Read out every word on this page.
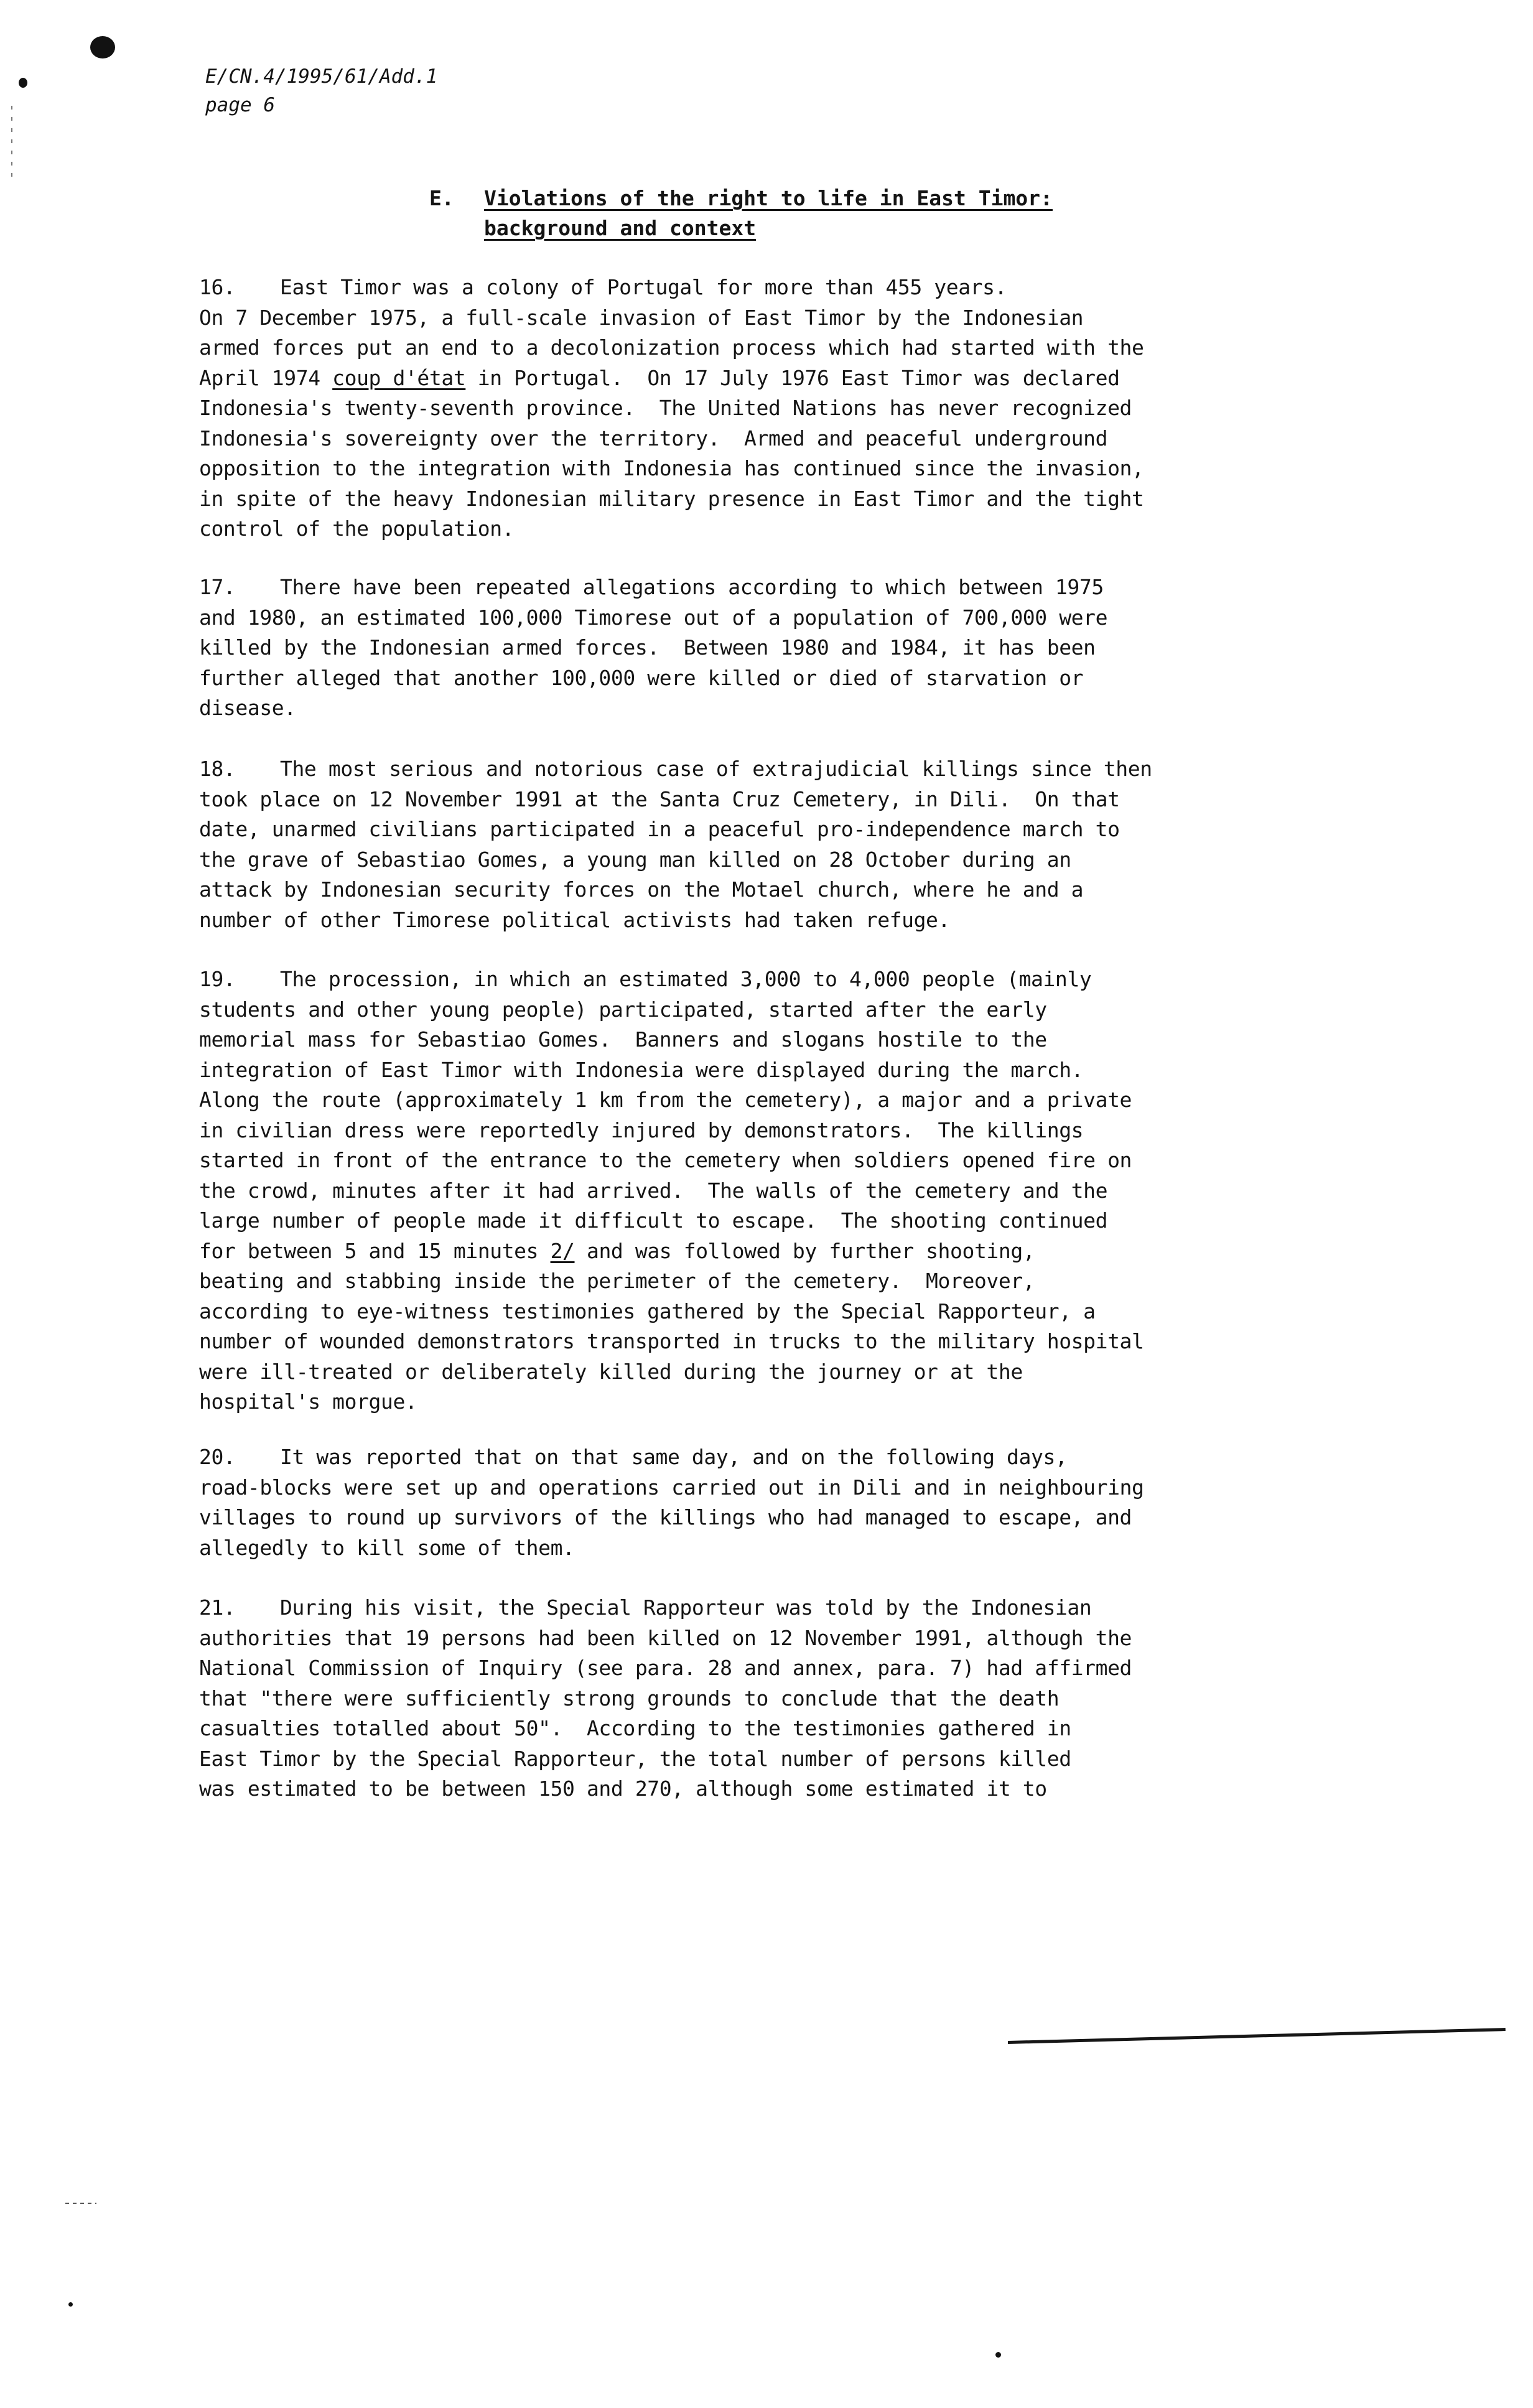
E/CN.4/1995/61/Add.1
page 6
E. Violations of the right to life in East Timor:
background and context
16. East Timor was a colony of Portugal for more than 455 years.
On 7 December 1975, a full-scale invasion of East Timor by the Indonesian
armed forces put an end to a decolonization process which had started with the
April 1974 coup d'état in Portugal.  On 17 July 1976 East Timor was declared
Indonesia's twenty-seventh province.  The United Nations has never recognized
Indonesia's sovereignty over the territory.  Armed and peaceful underground
opposition to the integration with Indonesia has continued since the invasion,
in spite of the heavy Indonesian military presence in East Timor and the tight
control of the population.
17. There have been repeated allegations according to which between 1975
and 1980, an estimated 100,000 Timorese out of a population of 700,000 were
killed by the Indonesian armed forces.  Between 1980 and 1984, it has been
further alleged that another 100,000 were killed or died of starvation or
disease.
18. The most serious and notorious case of extrajudicial killings since then
took place on 12 November 1991 at the Santa Cruz Cemetery, in Dili.  On that
date, unarmed civilians participated in a peaceful pro-independence march to
the grave of Sebastiao Gomes, a young man killed on 28 October during an
attack by Indonesian security forces on the Motael church, where he and a
number of other Timorese political activists had taken refuge.
19. The procession, in which an estimated 3,000 to 4,000 people (mainly
students and other young people) participated, started after the early
memorial mass for Sebastiao Gomes.  Banners and slogans hostile to the
integration of East Timor with Indonesia were displayed during the march.
Along the route (approximately 1 km from the cemetery), a major and a private
in civilian dress were reportedly injured by demonstrators.  The killings
started in front of the entrance to the cemetery when soldiers opened fire on
the crowd, minutes after it had arrived.  The walls of the cemetery and the
large number of people made it difficult to escape.  The shooting continued
for between 5 and 15 minutes 2/ and was followed by further shooting,
beating and stabbing inside the perimeter of the cemetery.  Moreover,
according to eye-witness testimonies gathered by the Special Rapporteur, a
number of wounded demonstrators transported in trucks to the military hospital
were ill-treated or deliberately killed during the journey or at the
hospital's morgue.
20. It was reported that on that same day, and on the following days,
road-blocks were set up and operations carried out in Dili and in neighbouring
villages to round up survivors of the killings who had managed to escape, and
allegedly to kill some of them.
21. During his visit, the Special Rapporteur was told by the Indonesian
authorities that 19 persons had been killed on 12 November 1991, although the
National Commission of Inquiry (see para. 28 and annex, para. 7) had affirmed
that "there were sufficiently strong grounds to conclude that the death
casualties totalled about 50".  According to the testimonies gathered in
East Timor by the Special Rapporteur, the total number of persons killed
was estimated to be between 150 and 270, although some estimated it to
